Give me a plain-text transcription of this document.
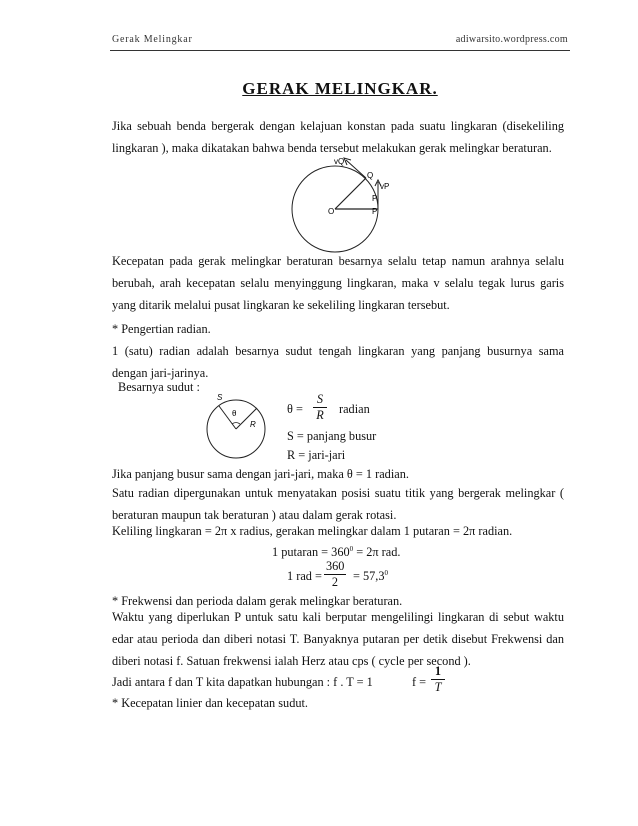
Gerak Melingkar	adiwarsito.wordpress.com
GERAK MELINGKAR.

Jika sebuah benda bergerak dengan kelajuan konstan pada suatu lingkaran (disekeliling lingkaran ), maka dikatakan bahwa benda tersebut melakukan gerak melingkar beraturan.

O
vQ
Q
vP
P
P

Kecepatan pada gerak melingkar beraturan besarnya selalu tetap namun arahnya selalu berubah, arah kecepatan selalu menyinggung lingkaran, maka v selalu tegak lurus garis yang ditarik melalui pusat lingkaran ke sekeliling lingkaran tersebut.

* Pengertian radian.

1 (satu) radian adalah besarnya sudut tengah lingkaran yang panjang busurnya sama dengan jari-jarinya.

Besarnya sudut :

S
θ
R

$\theta = \frac{S}{R}$ radian

S = panjang busur

R = jari-jari

Jika panjang busur sama dengan jari-jari, maka θ = 1 radian.

Satu radian dipergunakan untuk menyatakan posisi suatu titik yang bergerak melingkar ( beraturan maupun tak beraturan ) atau dalam gerak rotasi.

Keliling lingkaran = 2π x radius, gerakan melingkar dalam 1 putaran = 2π radian.

1 putaran = $360^0 = 2\pi$ rad.

1 rad = $\frac{360}{2} = 57,3^0$

* Frekwensi dan perioda dalam gerak melingkar beraturan.

Waktu yang diperlukan P untuk satu kali berputar mengelilingi lingkaran di sebut waktu edar atau perioda dan diberi notasi T. Banyaknya putaran per detik disebut Frekwensi dan diberi notasi f. Satuan frekwensi ialah Herz atau cps ( cycle per second ).

Jadi antara f dan T kita dapatkan hubungan : f . T = 1	$f = \frac{1}{T}$

* Kecepatan linier dan kecepatan sudut.
